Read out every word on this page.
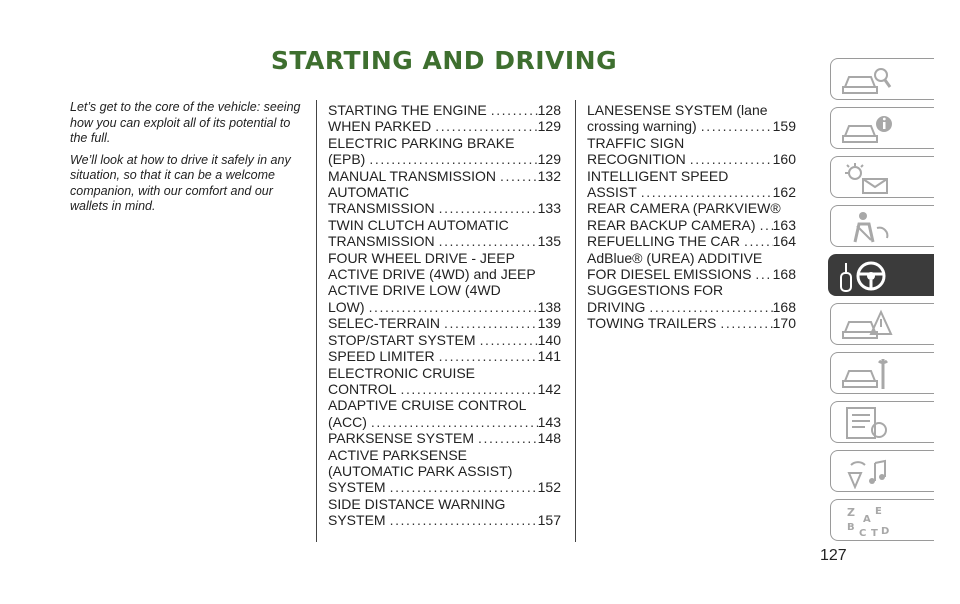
STARTING AND DRIVING

Let’s get to the core of the vehicle: seeing how you can exploit all of its potential to the full.

We’ll look at how to drive it safely in any situation, so that it can be a welcome companion, with our comfort and our wallets in mind.

STARTING THE ENGINE .....	128
WHEN PARKED .....	129
ELECTRIC PARKING BRAKE
(EPB) .....	129
MANUAL TRANSMISSION .....	132
AUTOMATIC
TRANSMISSION .....	133
TWIN CLUTCH AUTOMATIC
TRANSMISSION .....	135
FOUR WHEEL DRIVE - JEEP
ACTIVE DRIVE (4WD) and JEEP
ACTIVE DRIVE LOW (4WD
LOW) .....	138
SELEC-TERRAIN .....	139
STOP/START SYSTEM .....	140
SPEED LIMITER .....	141
ELECTRONIC CRUISE
CONTROL .....	142
ADAPTIVE CRUISE CONTROL
(ACC) .....	143
PARKSENSE SYSTEM .....	148
ACTIVE PARKSENSE
(AUTOMATIC PARK ASSIST)
SYSTEM .....	152
SIDE DISTANCE WARNING
SYSTEM .....	157
LANESENSE SYSTEM (lane
crossing warning) .....	159
TRAFFIC SIGN
RECOGNITION .....	160
INTELLIGENT SPEED
ASSIST .....	162
REAR CAMERA (PARKVIEW®
REAR BACKUP CAMERA) ..... 163
REFUELLING THE CAR ..... 164
AdBlue® (UREA) ADDITIVE
FOR DIESEL EMISSIONS ..... 168
SUGGESTIONS FOR
DRIVING .....	168
TOWING TRAILERS .....	170
Z E
A
B
C T D
127
